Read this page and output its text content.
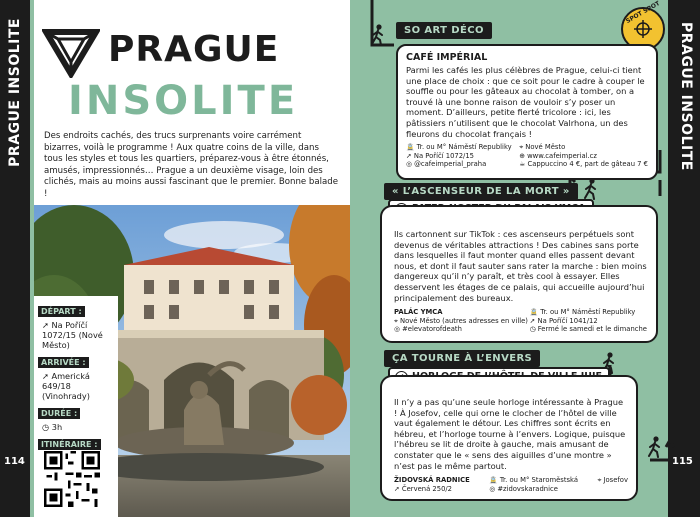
PRAGUE INSOLITE
114
PRAGUE
INSOLITE
Des endroits cachés, des trucs surprenants voire carrément bizarres, voilà le programme ! Aux quatre coins de la ville, dans tous les styles et tous les quartiers, préparez-vous à être étonnés, amusés, impressionnés… Prague a un deuxième visage, loin des clichés, mais au moins aussi fascinant que le premier. Bonne balade !
DÉPART :
➚ Na Poříčí 1072/15 (Nové Město)
ARRIVÉE :
➚ Americká 649/18 (Vinohrady)
DURÉE :
◷ 3h
ITINÉRAIRE :
PRAGUE INSOLITE
115
SPOT SPOT
SO ART DÉCO
CAFÉ IMPÉRIAL

Parmi les cafés les plus célèbres de Prague, celui-ci tient une place de choix : que ce soit pour le cadre à couper le souffle ou pour les gâteaux au chocolat à tomber, on a trouvé là une bonne raison de vouloir s’y poser un moment. D’ailleurs, petite fierté tricolore : ici, les pâtissiers n’utilisent que le chocolat Valrhona, un des fleurons du chocolat français !

🚊 Tr. ou M° Náměstí Republiky
➚ Na Poříčí 1072/15
◎ @cafeimperial_praha
⌖ Nové Město
⊕ www.cafeimperial.cz
☕ Cappuccino 4 €, part de gâteau 7 €
« L’ASCENSEUR DE LA MORT »

Ils cartonnent sur TikTok : ces ascenseurs perpétuels sont devenus de véritables attractions ! Des cabines sans porte dans lesquelles il faut monter quand elles passent devant nous, et dont il faut sauter sans rater la marche : bien moins dangereux qu’il n’y paraît, et très cool à essayer. Elles desservent les étages de ce palais, qui accueille aujourd’hui principalement des bureaux.

PALÁC YMCA
⌖ Nové Město (autres adresses en ville)
◎ #elevatorofdeath
🚊 Tr. ou M° Náměstí Republiky
➚ Na Poříčí 1041/12
◷ Fermé le samedi et le dimanche
ÇA TOURNE À L’ENVERS

Il n’y a pas qu’une seule horloge intéressante à Prague ! À Josefov, celle qui orne le clocher de l’hôtel de ville vaut également le détour. Les chiffres sont écrits en hébreu, et l’horloge tourne à l’envers. Logique, puisque l’hébreu se lit de droite à gauche, mais amusant de constater que le « sens des aiguilles d’une montre » n’est pas le même partout.

ŽIDOVSKÁ RADNICE
➚ Červená 250/2
🚊 Tr. ou M° Staroměstská
◎ #zidovskaradnice
⌖ Josefov
